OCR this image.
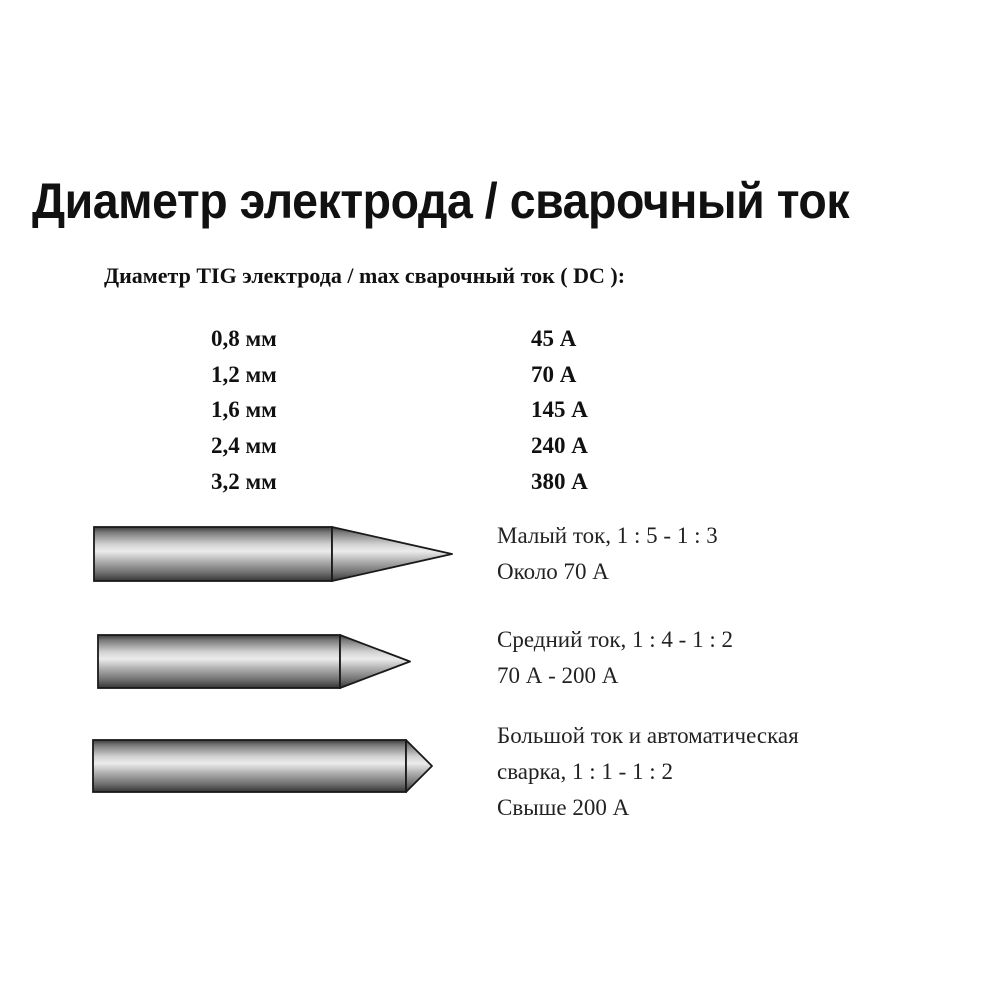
Диаметр электрода / сварочный ток
Диаметр TIG электрода / max сварочный ток ( DC ):
0,8 мм	45 А
1,2 мм	70 А
1,6 мм	145 А
2,4 мм	240 А
3,2 мм	380 А
Малый ток, 1 : 5 - 1 : 3
Около 70 А
Средний ток, 1 : 4 - 1 : 2
70 А - 200 А
Большой ток и автоматическая
сварка, 1 : 1 - 1 : 2
Свыше 200 А
